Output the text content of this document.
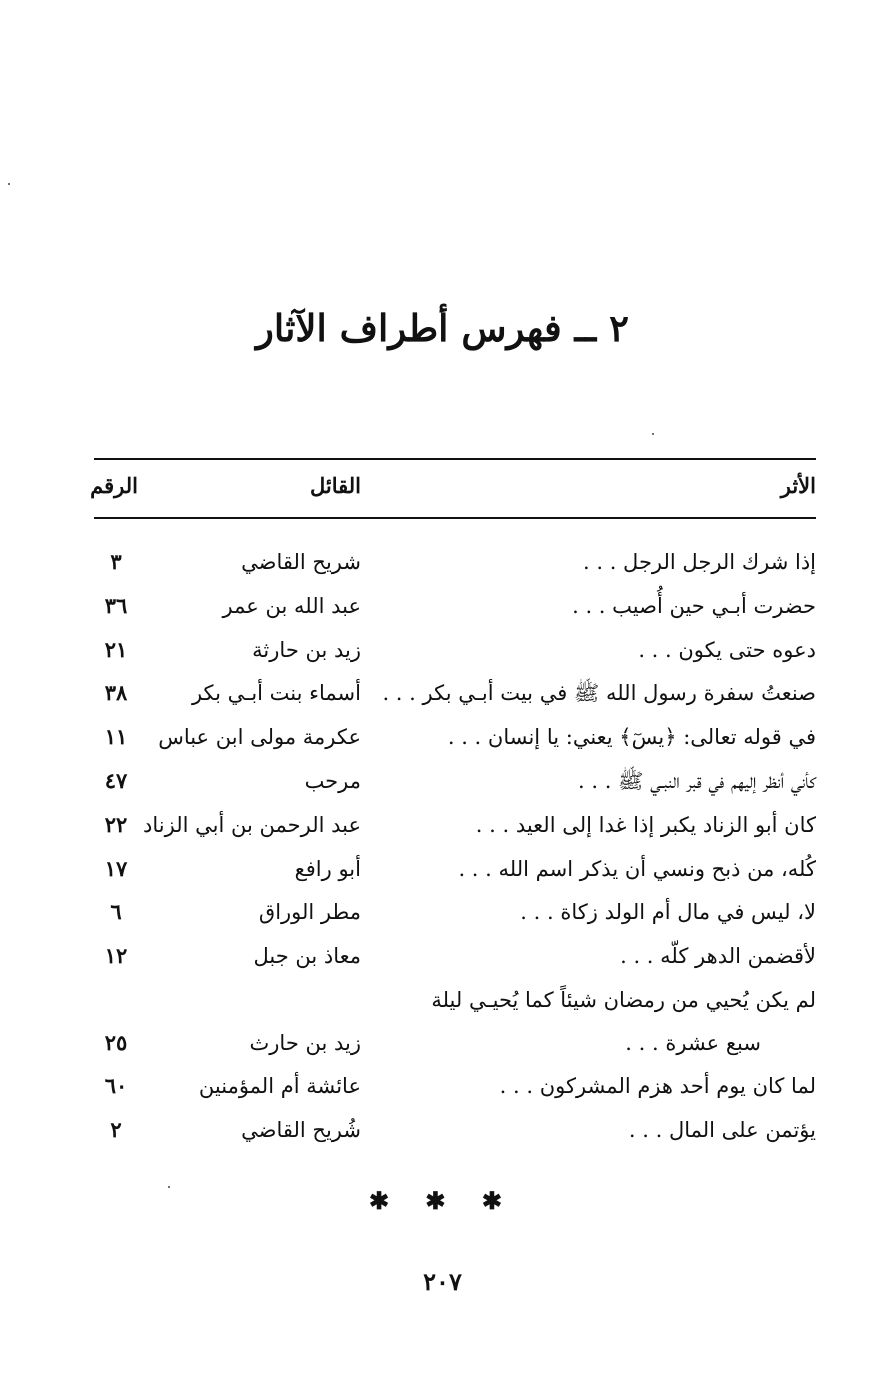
٢ ــ فهرس أطراف الآثار
الأثر
القائل
الرقم
إذا شرك الرجل الرجل . . .
شريح القاضي
٣
حضرت أبـي حين أُصيب . . .
عبد الله بن عمر
٣٦
دعوه حتى يكون . . .
زيد بن حارثة
٢١
صنعتُ سفرة رسول الله ﷺ في بيت أبـي بكر . . .
أسماء بنت أبـي بكر
٣٨
في قوله تعالى: ﴿يسٓ﴾ يعني: يا إنسان . . .
عكرمة مولى ابن عباس
١١
كأني أنظر إليهم في قبر النبـي ﷺ . . .
مرحب
٤٧
كان أبو الزناد يكبر إذا غدا إلى العيد . . .
عبد الرحمن بن أبي الزناد
٢٢
كُله، من ذبح ونسي أن يذكر اسم الله . . .
أبو رافع
١٧
لا، ليس في مال أم الولد زكاة . . .
مطر الوراق
٦
لأقضمن الدهر كلّه . . .
معاذ بن جبل
١٢
لم يكن يُحيي من رمضان شيئاً كما يُحيـي ليلة
سبع عشرة . . .
زيد بن حارث
٢٥
لما كان يوم أحد هزم المشركون . . .
عائشة أم المؤمنين
٦٠
يؤتمن على المال . . .
شُريح القاضي
٢
✱ ✱ ✱
٢٠٧
